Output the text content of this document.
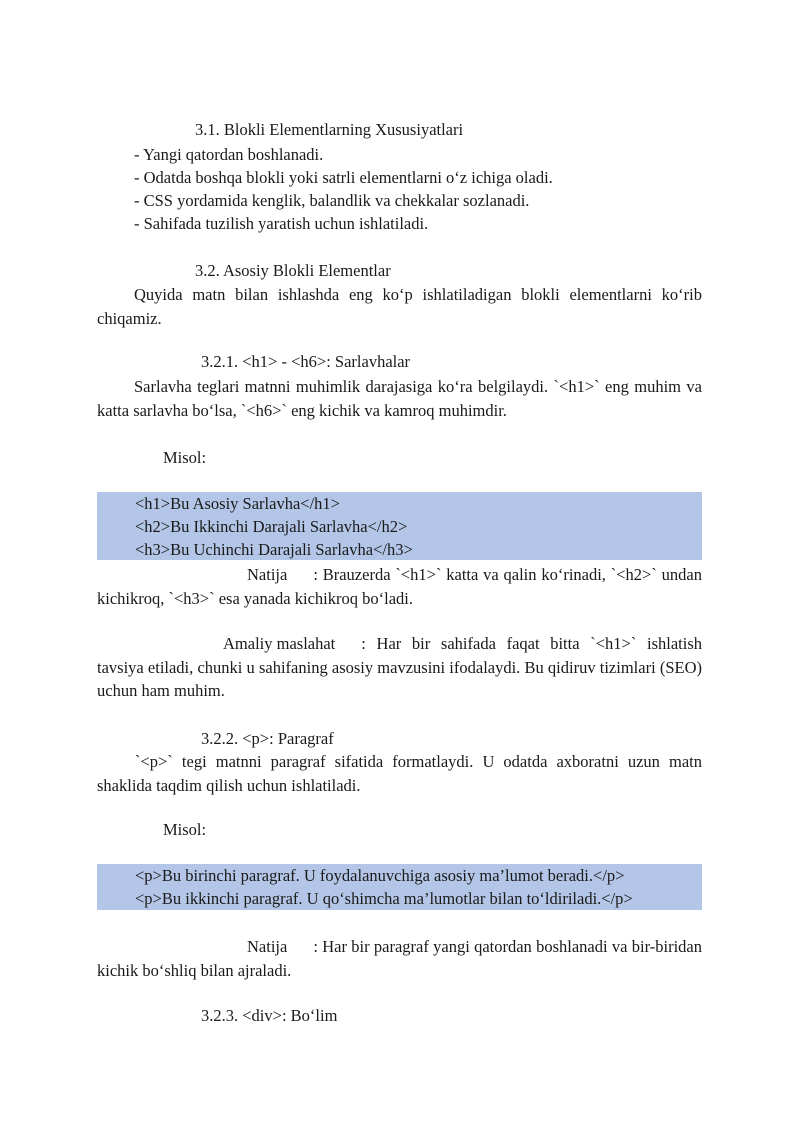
3.1. Blokli Elementlarning Xususiyatlari
- Yangi qatordan boshlanadi.
- Odatda boshqa blokli yoki satrli elementlarni o‘z ichiga oladi.
- CSS yordamida kenglik, balandlik va chekkalar sozlanadi.
- Sahifada tuzilish yaratish uchun ishlatiladi.
3.2. Asosiy Blokli Elementlar
Quyida matn bilan ishlashda eng ko‘p ishlatiladigan blokli elementlarni ko‘rib chiqamiz.
3.2.1. <h1> - <h6>: Sarlavhalar
Sarlavha teglari matnni muhimlik darajasiga ko‘ra belgilaydi. `<h1>` eng muhim va katta sarlavha bo‘lsa, `<h6>` eng kichik va kamroq muhimdir.
Misol:
<h1>Bu Asosiy Sarlavha</h1>
<h2>Bu Ikkinchi Darajali Sarlavha</h2>
<h3>Bu Uchinchi Darajali Sarlavha</h3>
Natija : Brauzerda `<h1>` katta va qalin ko‘rinadi, `<h2>` undan kichikroq, `<h3>` esa yanada kichikroq bo‘ladi.
Amaliy maslahat : Har bir sahifada faqat bitta `<h1>` ishlatish tavsiya etiladi, chunki u sahifaning asosiy mavzusini ifodalaydi. Bu qidiruv tizimlari (SEO) uchun ham muhim.
3.2.2. <p>: Paragraf
`<p>` tegi matnni paragraf sifatida formatlaydi. U odatda axboratni uzun matn shaklida taqdim qilish uchun ishlatiladi.
Misol:
<p>Bu birinchi paragraf. U foydalanuvchiga asosiy ma’lumot beradi.</p>
<p>Bu ikkinchi paragraf. U qo‘shimcha ma’lumotlar bilan to‘ldiriladi.</p>
Natija : Har bir paragraf yangi qatordan boshlanadi va bir-biridan kichik bo‘shliq bilan ajraladi.
3.2.3. <div>: Bo‘lim
